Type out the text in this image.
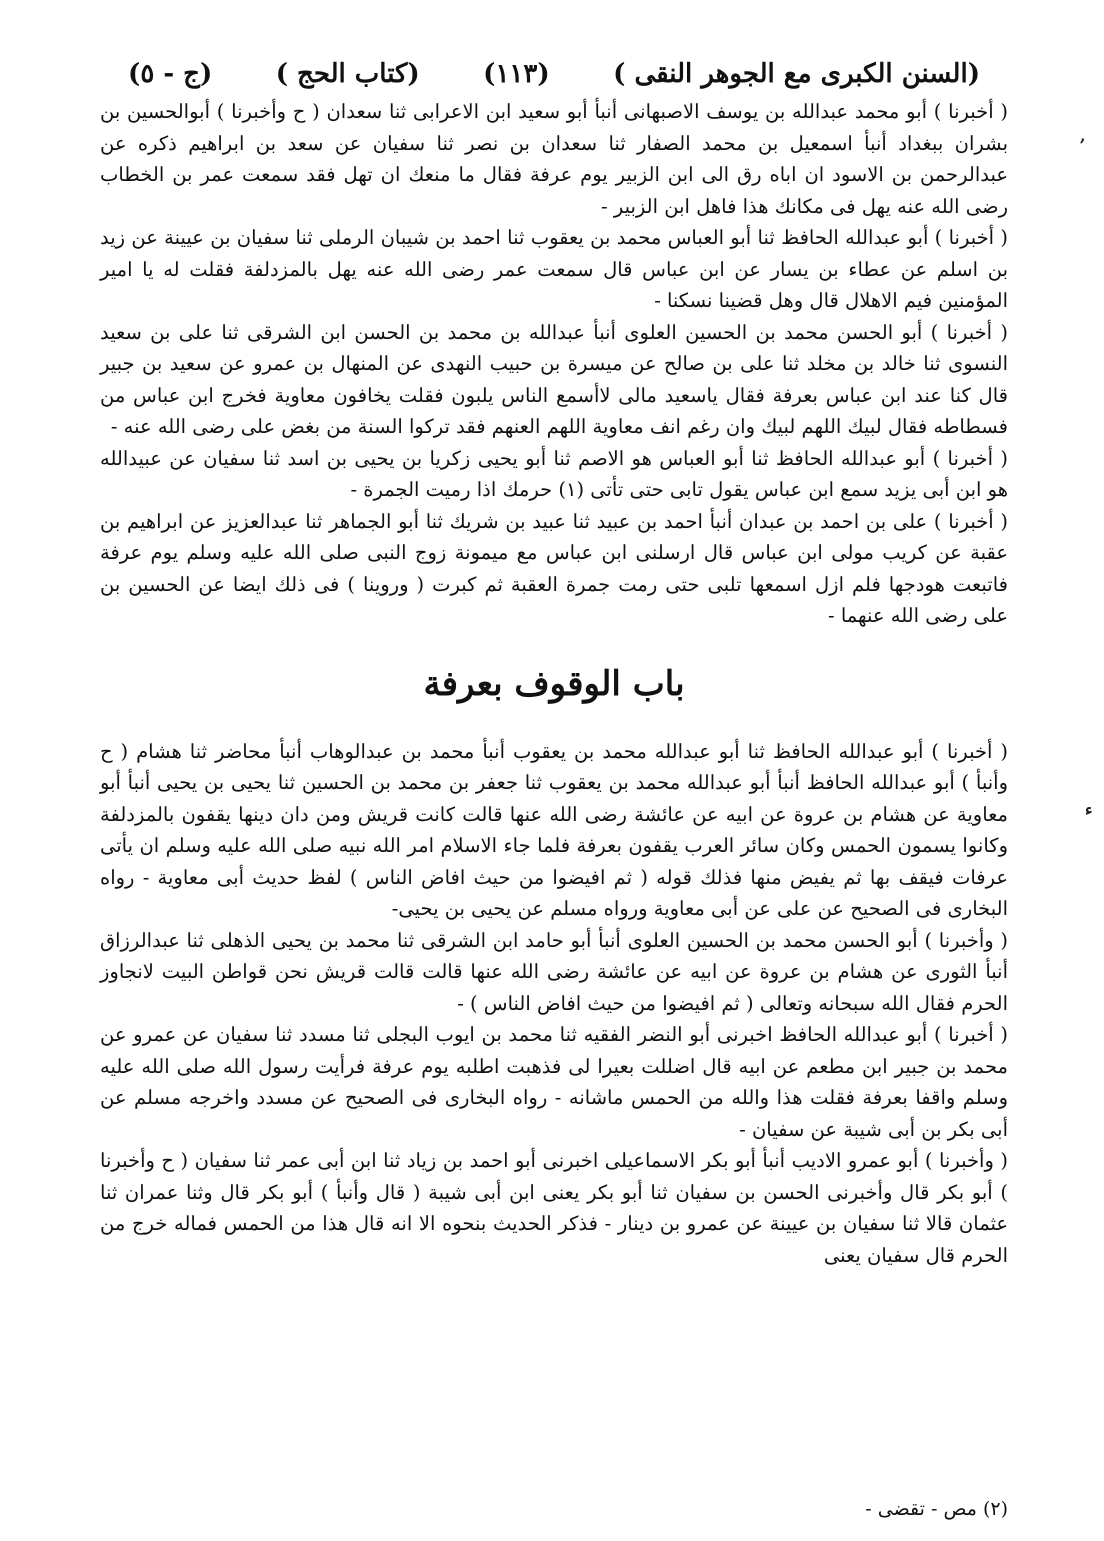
(السنن الكبرى مع الجوهر النقى )
(١١٣)
(كتاب الحج )
(ج - ٥)

( أخبرنا ) أبو محمد عبدالله بن يوسف الاصبهانى أنبأ أبو سعيد ابن الاعرابى ثنا سعدان ( ح وأخبرنا ) أبوالحسين بن بشران ببغداد أنبأ اسمعيل بن محمد الصفار ثنا سعدان بن نصر ثنا سفيان عن سعد بن ابراهيم ذكره عن عبدالرحمن بن الاسود ان اباه رق الى ابن الزبير يوم عرفة فقال ما منعك ان تهل فقد سمعت عمر بن الخطاب رضى الله عنه يهل فى مكانك هذا فاهل ابن الزبير -

( أخبرنا ) أبو عبدالله الحافظ ثنا أبو العباس محمد بن يعقوب ثنا احمد بن شيبان الرملى ثنا سفيان بن عيينة عن زيد بن اسلم عن عطاء بن يسار عن ابن عباس قال سمعت عمر رضى الله عنه يهل بالمزدلفة فقلت له يا امير المؤمنين فيم الاهلال قال وهل قضينا نسكنا -

( أخبرنا ) أبو الحسن محمد بن الحسين العلوى أنبأ عبدالله بن محمد بن الحسن ابن الشرقى ثنا على بن سعيد النسوى ثنا خالد بن مخلد ثنا على بن صالح عن ميسرة بن حبيب النهدى عن المنهال بن عمرو عن سعيد بن جبير قال كنا عند ابن عباس بعرفة فقال ياسعيد مالى لاأسمع الناس يلبون فقلت يخافون معاوية فخرج ابن عباس من فسطاطه فقال لبيك اللهم لبيك وان رغم انف معاوية اللهم العنهم فقد تركوا السنة من بغض على رضى الله عنه -

( أخبرنا ) أبو عبدالله الحافظ ثنا أبو العباس هو الاصم ثنا أبو يحيى زكريا بن يحيى بن اسد ثنا سفيان عن عبيدالله هو ابن أبى يزيد سمع ابن عباس يقول تابى حتى تأتى (١) حرمك اذا رميت الجمرة -

( أخبرنا ) على بن احمد بن عبدان أنبأ احمد بن عبيد ثنا عبيد بن شريك ثنا أبو الجماهر ثنا عبدالعزيز عن ابراهيم بن عقبة عن كريب مولى ابن عباس قال ارسلنى ابن عباس مع ميمونة زوج النبى صلى الله عليه وسلم يوم عرفة فاتبعت هودجها فلم ازل اسمعها تلبى حتى رمت جمرة العقبة ثم كبرت ( وروينا ) فى ذلك ايضا عن الحسين بن على رضى الله عنهما -

باب الوقوف بعرفة

( أخبرنا ) أبو عبدالله الحافظ ثنا أبو عبدالله محمد بن يعقوب أنبأ محمد بن عبدالوهاب أنبأ محاضر ثنا هشام ( ح وأنبأ ) أبو عبدالله الحافظ أنبأ أبو عبدالله محمد بن يعقوب ثنا جعفر بن محمد بن الحسين ثنا يحيى بن يحيى أنبأ أبو معاوية عن هشام بن عروة عن ابيه عن عائشة رضى الله عنها قالت كانت قريش ومن دان دينها يقفون بالمزدلفة وكانوا يسمون الحمس وكان سائر العرب يقفون بعرفة فلما جاء الاسلام امر الله نبيه صلى الله عليه وسلم ان يأتى عرفات فيقف بها ثم يفيض منها فذلك قوله ( ثم افيضوا من حيث افاض الناس ) لفظ حديث أبى معاوية - رواه البخارى فى الصحيح عن على عن أبى معاوية ورواه مسلم عن يحيى بن يحيى-

( وأخبرنا ) أبو الحسن محمد بن الحسين العلوى أنبأ أبو حامد ابن الشرقى ثنا محمد بن يحيى الذهلى ثنا عبدالرزاق أنبأ الثورى عن هشام بن عروة عن ابيه عن عائشة رضى الله عنها قالت قالت قريش نحن قواطن البيت لانجاوز الحرم فقال الله سبحانه وتعالى ( ثم افيضوا من حيث افاض الناس ) -

( أخبرنا ) أبو عبدالله الحافظ اخبرنى أبو النضر الفقيه ثنا محمد بن ايوب البجلى ثنا مسدد ثنا سفيان عن عمرو عن محمد بن جبير ابن مطعم عن ابيه قال اضللت بعيرا لى فذهبت اطلبه يوم عرفة فرأيت رسول الله صلى الله عليه وسلم واقفا بعرفة فقلت هذا والله من الحمس ماشانه - رواه البخارى فى الصحيح عن مسدد واخرجه مسلم عن أبى بكر بن أبى شيبة عن سفيان -

( وأخبرنا ) أبو عمرو الاديب أنبأ أبو بكر الاسماعيلى اخبرنى أبو احمد بن زياد ثنا ابن أبى عمر ثنا سفيان ( ح وأخبرنا ) أبو بكر قال وأخبرنى الحسن بن سفيان ثنا أبو بكر يعنى ابن أبى شيبة ( قال وأنبأ ) أبو بكر قال وثنا عمران ثنا عثمان قالا ثنا سفيان بن عيينة عن عمرو بن دينار - فذكر الحديث بنحوه الا انه قال هذا من الحمس فماله خرج من الحرم قال سفيان يعنى

(٢) مص - تقضى -
,
ء
